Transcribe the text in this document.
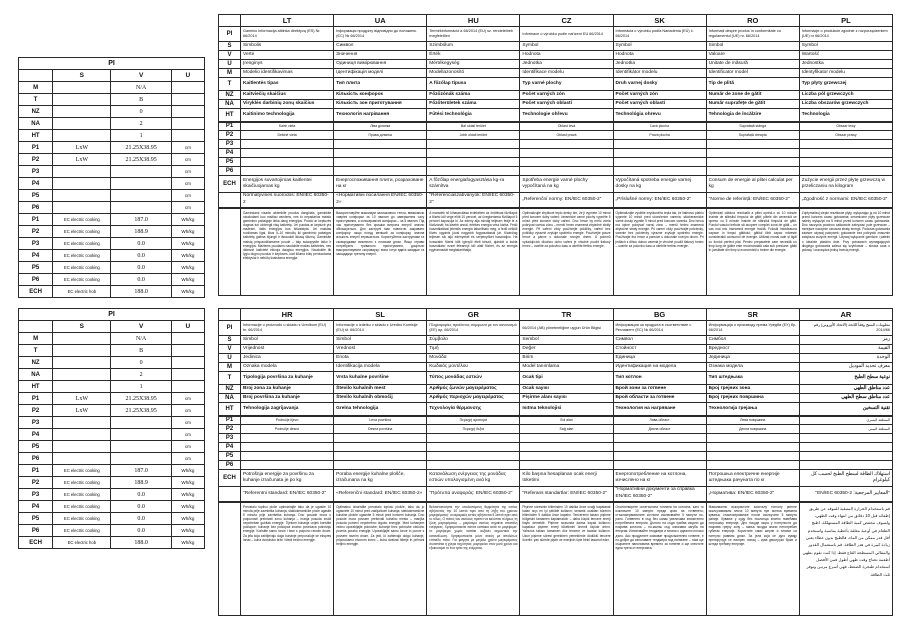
PI			
	S	V	U
M		N/A	
T		B	
NZ		0	
NA		2	
HT		1	
P1	LxW	21.25X38.95	cm
P2	LxW	21.25X38.95	cm
P3			cm
P4			cm
P5			cm
P6			cm
P1	EC electric cooking	187.0	Wh/kg
P2	EC electric cooking	188.9	Wh/kg
P3	EC electric cooking	0.0	Wh/kg
P4	EC electric cooking	0.0	Wh/kg
P5	EC electric cooking	0.0	Wh/kg
P6	EC electric cooking	0.0	Wh/kg
ECH	EC electric hob	188.0	Wh/kg
PI			
	S	V	U
M		N/A	
T		B	
NZ		0	
NA		2	
HT		1	
P1	LxW	21.25X38.95	cm
P2	LxW	21.25X38.95	cm
P3			cm
P4			cm
P5			cm
P6			cm
P1	EC electric cooking	187.0	Wh/kg
P2	EC electric cooking	188.9	Wh/kg
P3	EC electric cooking	0.0	Wh/kg
P4	EC electric cooking	0.0	Wh/kg
P5	EC electric cooking	0.0	Wh/kg
P6	EC electric cooking	0.0	Wh/kg
ECH	EC electric hob	188.0	Wh/kg
	LT	UA	HU	CZ	SK	RO	PL
PI	Gaminio informacija atitinka direktyvą (ES) Nr. 66/2014	Інформація продукту відповідно до положень (ЄС) № 66/2014	Termékinformáció a 66/2014 (EU) sz. rendeletnek megfelelően	Informace o výrobku podle nařízení EU 66/2014	Informácia o výrobku podľa Nariadenia (EÚ) č. 66/2014	Informații despre produs în conformitate cu regulamentul (UE) nr. 66/2014	Informacje o produkcie zgodnie z rozporządzeniem (UE) nr 66/2014
S	Simbolis	Символ	Szimbólum	Symbol	Symbol	Simbol	Symbol
V	Vertė	Значення	Érték	Hodnota	Hodnota	Valoare	Wartość
U	Įrenginys	Одиниця вимірювання	Mértékegység	Jednotka	Jednotka	Unitate de măsură	Jednostka
M	Modelio identifikavimas	Ідентифікація моделі	Modellazonosító	Identifikace modelu	Identifikátor modelu	Identificator model	Identyfikator modelu
T	Kaitlentės tipas	Тип плита	A főzőlap típusa	Typ varné plochy	Druh varnej dosky	Tip de plită	Typ płyty grzewczej
NZ	Kaitviečių skaičius	Кількість конфорок	Főzőzónák száma	Počet varných zón	Počet varných zón	Număr de zone de gătit	Liczba pól grzewczych
NA	Viryklės darbinių zonų skaičius	Кількість зон приготування	Főzőterületek száma	Počet varných oblastí	Počet varných oblastí	Număr suprafețe de gătit	Liczba obszarów grzewczych
HT	Kaitinimo technologija	Технологія нагрівання	Fűtési technológia	Technologie ohřevu	Technológia ohrevu	Tehnologia de încălzire	Technologia
P1	Kairė vieta	Ліва ділянка	Bal oldali terület	Oblast levá	Ľavá plocha	Suprafață stânga	Obszar lewy
P2	Dešinė vieta	Права ділянка	Jobb oldali terület	Oblast pravá	Pravá plocha	Suprafață dreapta	Obszar prawy
P3							
P4							
P5							
P6							
ECH	Energijos suvartojimas kaitlentei skaičiuojamas kg	Енергоспоживання плити, розраховане на кг	A főzőlap energiafogyasztása kg-ra számítva	Spotřeba energie varné plochy vypočítaná na kg	Vypočítaná spotreba energie varnej dosky na kg	Consum de energie al plitei calculat per kg	Zużycie energii przez płytę grzewczą w przeliczaniu na kilogram
	Normatyvinės nuorodos: EN/IEC 60350-2	«Нормативні посилання EN/IEC 60350-2»	"Referenciaszabványok: EN/IEC 60350-2"	„Referenční normy: EN/IEC 60350-2“	„Príslušné normy: EN/IEC 60350-2“	"Norme de referință: EN/IEC 60350-2"	„Zgodność z normami: EN/IEC 60350-2“
	Gamindami visada uždenkite puodus dangčiais, gaminkite naudodami kuo mažiau vandens, nes to nepadarius maisto gaminimo pabaigoje lieka daug energijos. Puodo ar keptuvės dugnas turi uždengti visą kaitvietę. Jei puodas ar keptuvė yra mažesni, dalis energijos bus iššvaistyta. Jei maistas ruošiamas ilgai, likus 5–10 minučių iki gaminimo pabaigos kaitvietę galima išjungti ir išnaudoti likusią šilumą. Gaminkite maistą prispaudžiamame puode – taip sutaupysite laiko ir energijos. Mažiems puodams naudokite mažas kaitvietes, nes didesnė kaitvietė eikvoja daugiau energijos. Naudokite tik lygiu dugnu puodus ir keptuves, kad šiluma būtų perduodama efektyviai ir nebūtų švaistoma energija.	Використовуйте максимум залишкового тепла, вимикаючи чавунні конфорки за 10 хвилин до завершення часу приготування, а склокерамічні конфорки – за 5 хвилин. Під час приготування без кришки витрата енергії значно збільшується. Дно каструлі має повністю закривати конфорку: якщо посуд менший за конфорку, значна кількість енергії втрачається. Користуйтеся каструлями та сковорідками виключно з пласким дном. Якщо страви потребують тривалого приготування, доцільно використовувати скороварку: вона готує вдвічі швидше та заощаджує третину енергії.	A maradék hő kihasználása érdekében az öntöttvas főzőlapot a főzési idő vége előtt 10 perccel, az üvegkerámia főzőlapot 5 perccel kapcsolja ki. Az edény alja mindig teljesen fedje le a főzőzónát; ha kisebb annál, értékes energia vész kárba. Fedő használatával jelentős energia takarítható meg, a fedő nélküli főzés ugyanis jóval nagyobb fogyasztással jár. Kizárólag teljesen sík aljú edényeket és serpenyőket használjon. Ha hosszabb főzési időt igénylő ételt készít, ajánlott a kukta használata: ezzel feleannyi idő alatt főzhet, és az energia egyharmadát megtakaríthatja.	Optimalizujte zbytkové teplo desky tím, že ji vypnete 10 minut před koncem doby vaření; keramické varné plochy vypněte 5 minut před koncem doby vaření. Dno hrnce by mělo zcela pokrývat varnou zónu – menší hrnec znamená zbytečné ztráty energie. Při vaření vždy používejte pokličky, vaření bez pokličky výrazně zvyšuje spotřebu energie. Používejte pouze hrnce a pánve s dokonale rovným dnem. U pokrmů vyžadujících dlouhou dobu vaření je vhodné použít tlakový hrnec – uvaříte za polovinu času a ušetříte třetinu energie.	Optimalizujte využitie zvyškového tepla tak, že liatinovú platňu vypnete 10 minút pred ukončením varenia; sklokeramické varné dosky vypnite 5 minút pred koncom varenia. Dno hrnca má úplne pokrývať varnú zónu – menší hrniec znamená zbytočné straty energie. Pri varení vždy používajte pokrievky, varenie bez pokrievky výrazne zvyšuje spotrebu energie. Používajte iba hrnce a panvice s dokonale rovným dnom. Pri jedlách s dlhou dobou varenia je vhodné použiť tlakový hrniec – uvaríte za polovicu času a ušetríte tretinu energie.	Optimizați căldura reziduală a plitei oprind-o cu 10 minute înainte de sfârșitul timpului de gătit; plitele din ceramică se opresc cu 5 minute înainte de sfârșitul timpului de gătit. Fundul vasului trebuie să acopere complet zona de gătit – un vas mai mic înseamnă energie irosită. Folosiți întotdeauna capace în timpul gătitului; gătitul fără capac mărește considerabil consumul de energie. Utilizați numai oale și tigăi cu fundul perfect plat. Pentru preparatele care necesită un timp lung de gătire este recomandată oala sub presiune: gătiți în jumătate din timp și economisiți o treime din energie.	Zoptymalizuj ciepło resztkowe płyty, wyłączając ją na 10 minut przed końcem czasu gotowania; ceramiczne płyty grzewcze należy wyłączyć na 5 minut przed końcem czasu gotowania. Dno naczynia powinno całkowicie zakrywać pole grzewcze – mniejsze naczynie oznacza stratę energii. Podczas gotowania zawsze używaj pokrywek; gotowanie bez pokrywki znacznie zwiększa zużycie energii. Używaj wyłącznie garnków i patelni o idealnie płaskim dnie. Przy potrawach wymagających długiego gotowania zaleca się szybkowar – skraca czas o połowę i oszczędza jedną trzecią energii.
	HR	SL	GR	TR	BG	SR	AR
PI	Informacije o proizvodu u skladu s Uredbom (EU) br. 66/2014	Informacije o izdelku v skladu z Uredbo Komisije (EU) št. 66/2014	Πληροφορίες προϊόντος σύμφωνα με τον κανονισμό (ΕΕ) αρ. 66/2014	66/2014 (AB) yönetmeliğine uygun Ürün Bilgisi	Информация за продукта в съответствие с Регламент (ЕС) № 66/2014	Информација о производу према Уредби (ЕУ) бр. 66/2014	معلومات المنتج وفقاً للائحة (الاتحاد الأوروبي) رقم 2014/66
S	Simbol	Simbol	Σύμβολο	Sembol	Символ	Симбол	رمز
V	Vrijednost	Vrednost	Τιμή	Değer	Стойност	Вредност	القيمة
U	Jedinica	Enota	Μονάδα	Birim	Единица	Јединица	الوحدة
M	Oznaka modela	Identifikacija modela	Κωδικός μοντέλου	Model tanımlama	Идентификация на модела	Ознака модела	معرف تحديد الموديل
T	Tipologija površina za kuhanje	Vrsta kuhalne površine	Τύπος μονάδας εστιών	Ocak tipi	Тип котлон	Тип штедњака	نوعية سطح الطبخ
NZ	Broj zona za kuhanje	Število kuhalnih mest	Αριθμός ζωνών μαγειρέματος	Ocak sayısı	Брой зони за готвене	Број грејних зона	عدد مناطق الطهي
NA	Broj površina za kuhanje	Število kuhalnih območij	Αριθμός περιοχών μαγειρέματος	Pişirme alanı sayısı	Брой области за готвене	Број грејних површина	عدد مناطق سطح الطهي
HT	Tehnologija zagrijavanja	Grelna tehnologija	Τεχνολογία θέρμανσης	Isıtma teknolojisi	Технология на нагряване	Технологија грејања	تقنية التسخين
P1	Područje lijevo	Leva površina	Περιοχή αριστερά	Sol alan	Лява област	Лева површина	المنطقة اليسرى
P2	Područje desno	Desna površina	Περιοχή δεξιά	Sağ alan	Дясна област	Десна површина	المنطقة اليمنى
P3							
P4							
P5							
P6							
ECH	Potrošnja energije za površinu za kuhanje izračunata je po kg	Poraba energije kuhalne plošče, izračunana na kg	Κατανάλωση ενέργειας της μονάδας εστιών υπολογισμένη ανά kg	Kilo başına hesaplanan ocak enerji tüketimi	Енергопотребление на котлона, изчислено на кг	Потрошња електричне енергије штедњака рачуната по кг	استهلاك الطاقة لسطح الطبخ لحسب كل كيلوغرام
	"Referentni standard: EN/IEC 60350-2"	«Referenčni standard: EN/IEC 60350-2»	"Πρότυπα αναφοράς: EN/IEC 60350-2"	"Referans standartlar: EN/IEC 60350-2"	"Нормативни документи за справка EN/IEC 60350-2"	„Норматива: EN/IEC 60350-2“	"المعايير المرجعية: EN/IEC 60350-2"
	Preostalu toplinu ploče optimizirajte tako da je ugasite 10 minuta prije završetka kuhanja; staklokeramičke ploče ugasite 5 minuta prije završetka kuhanja. Dno posude mora u potpunosti prekrivati zonu kuhanja – manja posuda znači nepotreban gubitak energije. Tijekom kuhanja uvijek koristite poklopce; kuhanje bez poklopca znatno povećava potrošnju energije. Koristite samo lonce i tave s potpuno ravnim dnom. Za jela koja zahtijevaju dugo kuhanje preporučuje se ekspres lonac – kuha dvostruko brže i štedi trećinu energije.	Optimalno izkoristite preostalo toploto plošče, tako da jo ugasnete 10 minut pred zaključkom kuhanja; steklokeramične kuhalne plošče ugasnite 5 minut pred koncem kuhanja. Dno posode mora povsem prekrivati kuhalno mesto – manjša posoda pomeni nepotrebno izgubo energije. Med kuhanjem vedno uporabljajte pokrovke; kuhanje brez pokrovke občutno poveča porabo energije. Uporabljajte samo lonce in ponve s povsem ravnim dnom. Za jedi, ki zahtevajo dolgo kuhanje, priporočamo ekonom lonec – kuha dvakrat hitreje in prihrani tretjino energije.	Βελτιστοποιήστε την υπολειπόμενη θερμότητα της εστίας σβήνοντάς την 10 λεπτά πριν από τη λήξη του χρόνου μαγειρέματος· οι κεραμικές εστίες σβήνονται 5 λεπτά πριν από το τέλος. Ο πάτος του σκεύους πρέπει να καλύπτει πλήρως τη ζώνη μαγειρέματος – μικρότερο σκεύος σημαίνει σπατάλη ενέργειας. Χρησιμοποιείτε πάντα καπάκια κατά το μαγείρεμα· το μαγείρεμα χωρίς καπάκι αυξάνει σημαντικά την κατανάλωση. Χρησιμοποιείτε μόνο σκεύη με απολύτως επίπεδο πάτο. Για φαγητά με μεγάλο χρόνο μαγειρέματος συνιστάται η χύτρα ταχύτητας: μαγειρεύει στον μισό χρόνο και εξοικονομεί το ένα τρίτο της ενέργειας.	Pişirme süresinin bitiminden 10 dakika önce ocağı kapatarak kalan ısıyı en iyi şekilde kullanın; seramik ocakları sürenin bitiminden 5 dakika önce kapatın. Tencerenin tabanı pişirme bölgesini tamamen kaplamalıdır – daha küçük tencere enerji kaybı demektir. Pişirme sırasında daima kapak kullanın; kapaksız pişirme enerji tüketimini önemli ölçüde artırır. Yalnızca tabanı tamamen düz tencere ve tavalar kullanın. Uzun pişirme süresi gerektiren yemeklerde düdüklü tencere önerilir: yarı sürede pişirir ve enerjinin üçte birini tasarruf eder.	Оползотворете остатъчната топлина на котлона, като го изключите 10 минути преди края на готвенето; стъклокерамичните котлони изключвайте 5 минути по-рано. Готвенето в съд без капак увеличава значително потребената енергия. Дъното на съда трябва изцяло да покрива котлона – по-малък съд означава загуба на енергия. Използвайте тенджери и тигани с идеално плоско дъно. Ако продуктите изискват продължително готвене, е по-добре да използвате тенджера под налягане – така ще съкратите наполовина времето за готвене и ще спестите една трета от енергията.	Максимално искористите заосталу топлоту рингле искључивањем плоче 10 минута пре истека времена кувања; стаклокерамичке плоче искључите 5 минута раније. Кување у суду без поклопца знатно повећава потрошњу енергије. Дно посуде мора у потпуности да покрива грејну зону – мања посуда значи непотребан губитак енергије. Користите само шерпе и тигање са потпуно равним дном. За јела која се дуго кувају препоручује се експрес лонац – кува двоструко брже и штеди трећину енергије.	قم باستخدام الحرارة المتبقية للموقد عن طريق إطفائه قبل 10 دقائق من انتهاء وقت الطهي، ولسوف تنخفض كمية الطاقة المستهلكة. اطبخ الطعام في أوعية مغلقة بأغطية مناسبة واستخدم أقل قدر ممكن من الماء، فالطبخ بدون غطاء يعني زيادة كبيرة في هدر الطاقة. قم باستعمال القدور والمقالي المسطحة القاع فقط. إذا كنت تقوم بطهي أطعمة تحتاج وقت طهي أطول فمن الأفضل استخدام طنجرة الضغط، فهي أسرع مرتين وتوفر ثلث الطاقة.
